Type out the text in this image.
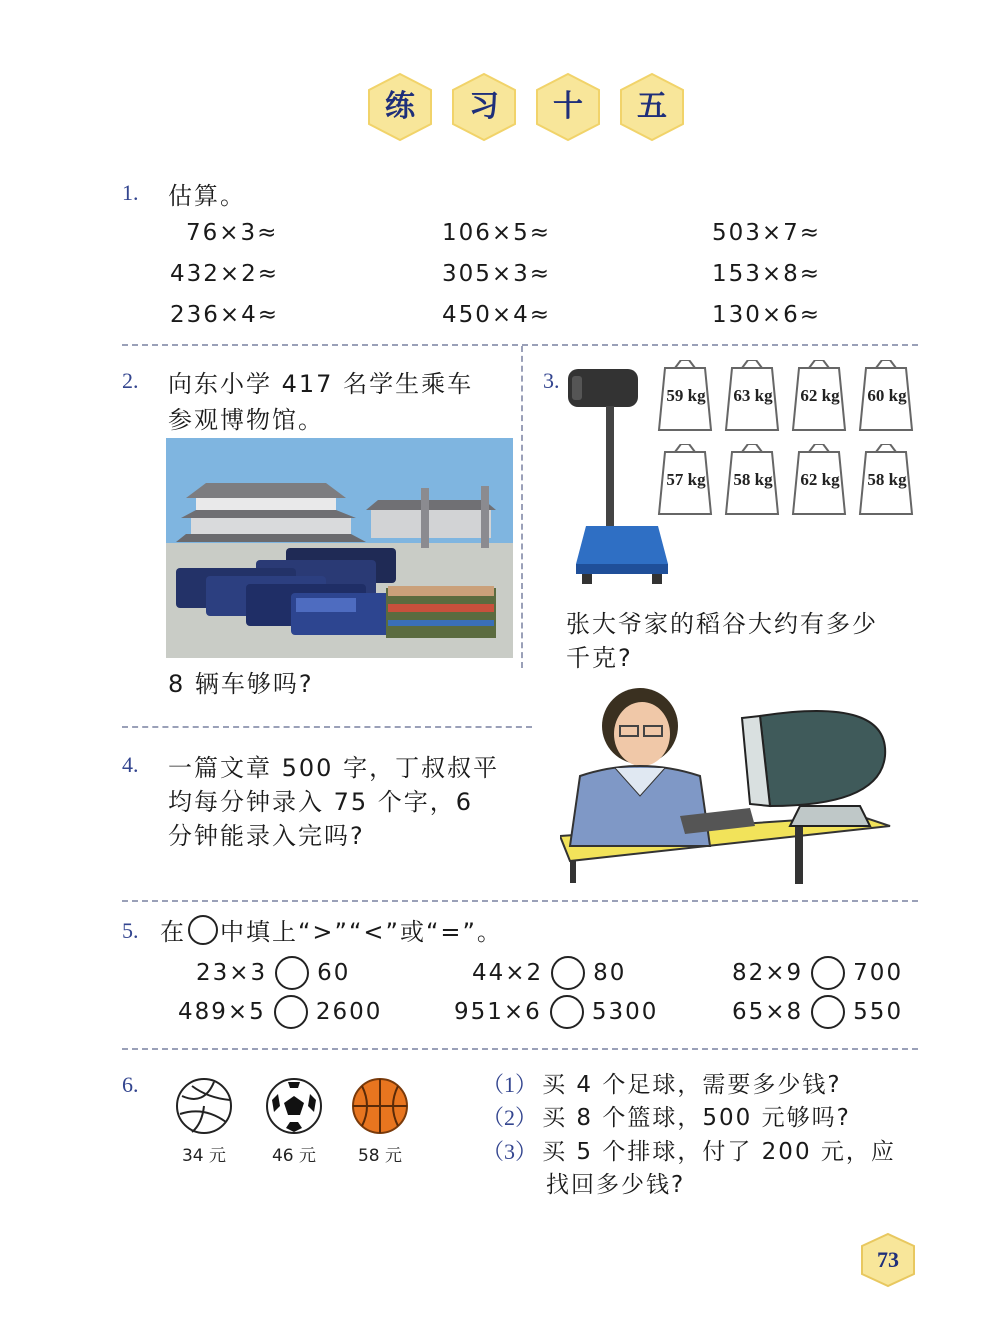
练	习	十	五
1. 估算。
76×3≈	106×5≈	503×7≈
432×2≈	305×3≈	153×8≈
236×4≈	450×4≈	130×6≈
2. 向东小学 417 名学生乘车
参观博物馆。
8 辆车够吗?
3.
59 kg	63 kg	62 kg	60 kg
57 kg	58 kg	62 kg	58 kg
张大爷家的稻谷大约有多少
千克?
4. 一篇文章 500 字，丁叔叔平
均每分钟录入 75 个字，6
分钟能录入完吗?
5. 在 中填上“>”“<”或“=”。
23×3 60	44×2 80	82×9 700
489×5 2600	951×6 5300	65×8 550
6.
34 元	46 元	58 元
（1） 买 4 个足球，需要多少钱?
（2） 买 8 个篮球，500 元够吗?
（3） 买 5 个排球，付了 200 元，应
找回多少钱?
73
